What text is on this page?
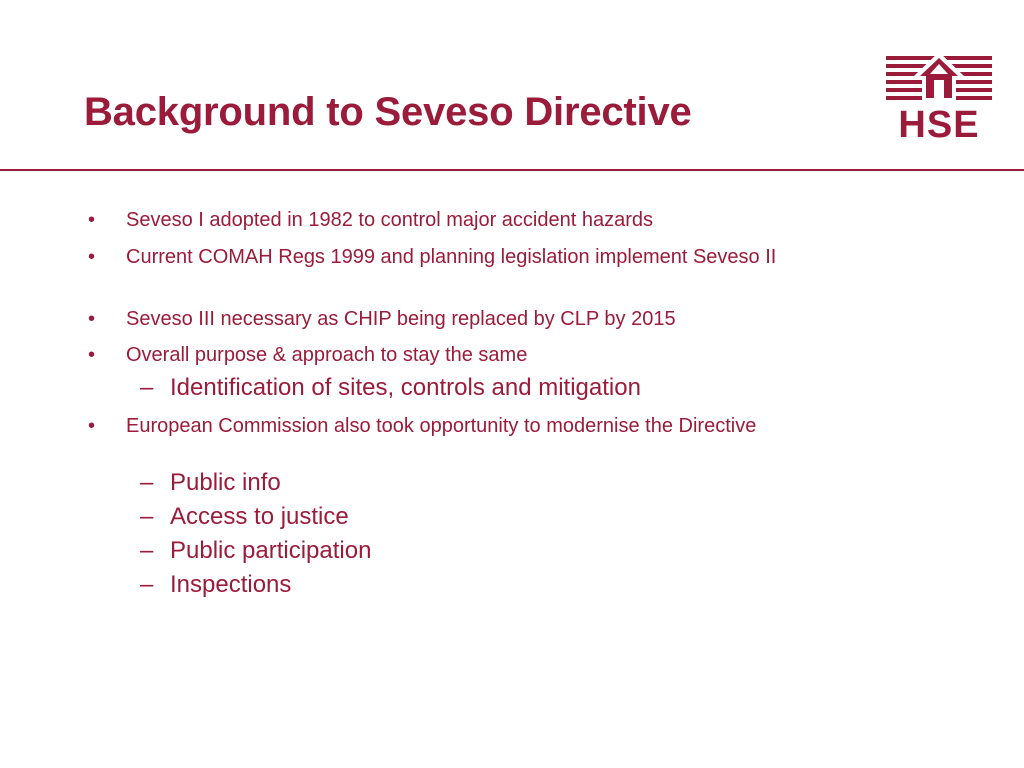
Background to Seveso Directive	HSE
•	Seveso I adopted in 1982 to control major accident hazards
•	Current COMAH Regs 1999 and planning legislation implement Seveso II
•	Seveso III necessary as CHIP being replaced by CLP by 2015
•	Overall purpose & approach to stay the same
– Identification of sites, controls and mitigation
•	European Commission also took opportunity to modernise the Directive
– Public info
– Access to justice
– Public participation
– Inspections
